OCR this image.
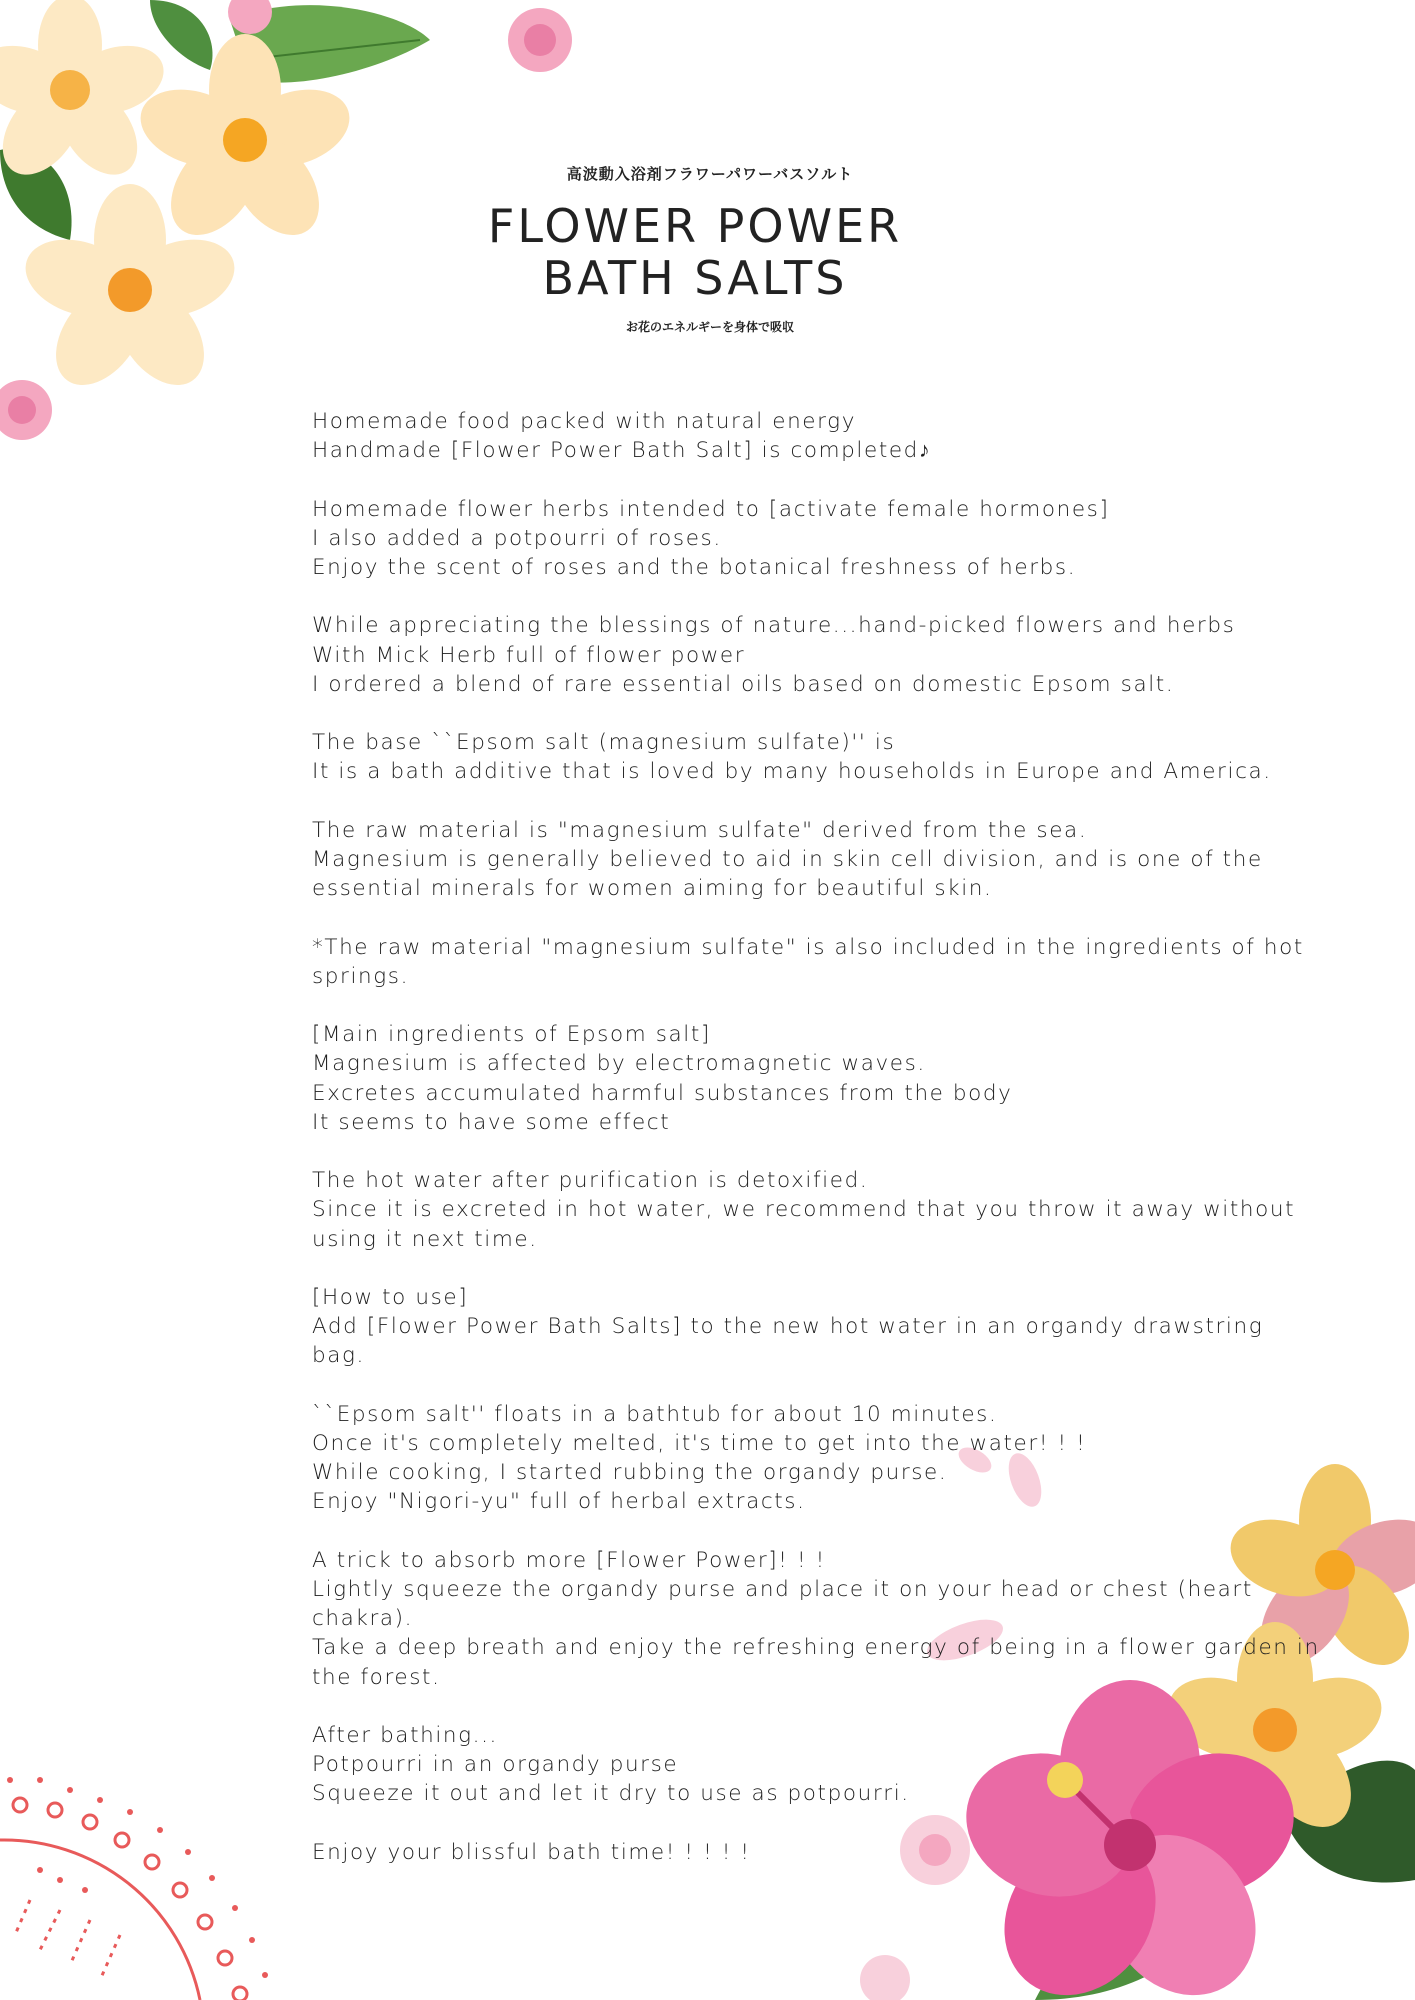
高波動入浴剤フラワーパワーバスソルト
FLOWER POWER
BATH SALTS
お花のエネルギーを身体で吸収
Homemade food packed with natural energy
Handmade [Flower Power Bath Salt] is completed♪
Homemade flower herbs intended to [activate female hormones]
I also added a potpourri of roses.
Enjoy the scent of roses and the botanical freshness of herbs.
While appreciating the blessings of nature...hand-picked flowers and herbs
With Mick Herb full of flower power
I ordered a blend of rare essential oils based on domestic Epsom salt.
The base ``Epsom salt (magnesium sulfate)'' is
It is a bath additive that is loved by many households in Europe and America.
The raw material is "magnesium sulfate" derived from the sea.
Magnesium is generally believed to aid in skin cell division, and is one of the
essential minerals for women aiming for beautiful skin.
*The raw material "magnesium sulfate" is also included in the ingredients of hot
springs.
[Main ingredients of Epsom salt]
Magnesium is affected by electromagnetic waves.
Excretes accumulated harmful substances from the body
It seems to have some effect
The hot water after purification is detoxified.
Since it is excreted in hot water, we recommend that you throw it away without
using it next time.
[How to use]
Add [Flower Power Bath Salts] to the new hot water in an organdy drawstring
bag.
``Epsom salt'' floats in a bathtub for about 10 minutes.
Once it's completely melted, it's time to get into the water! ! !
While cooking, I started rubbing the organdy purse.
Enjoy "Nigori-yu" full of herbal extracts.
A trick to absorb more [Flower Power]! ! !
Lightly squeeze the organdy purse and place it on your head or chest (heart
chakra).
Take a deep breath and enjoy the refreshing energy of being in a flower garden in
the forest.
After bathing...
Potpourri in an organdy purse
Squeeze it out and let it dry to use as potpourri.
Enjoy your blissful bath time! ! ! ! !
